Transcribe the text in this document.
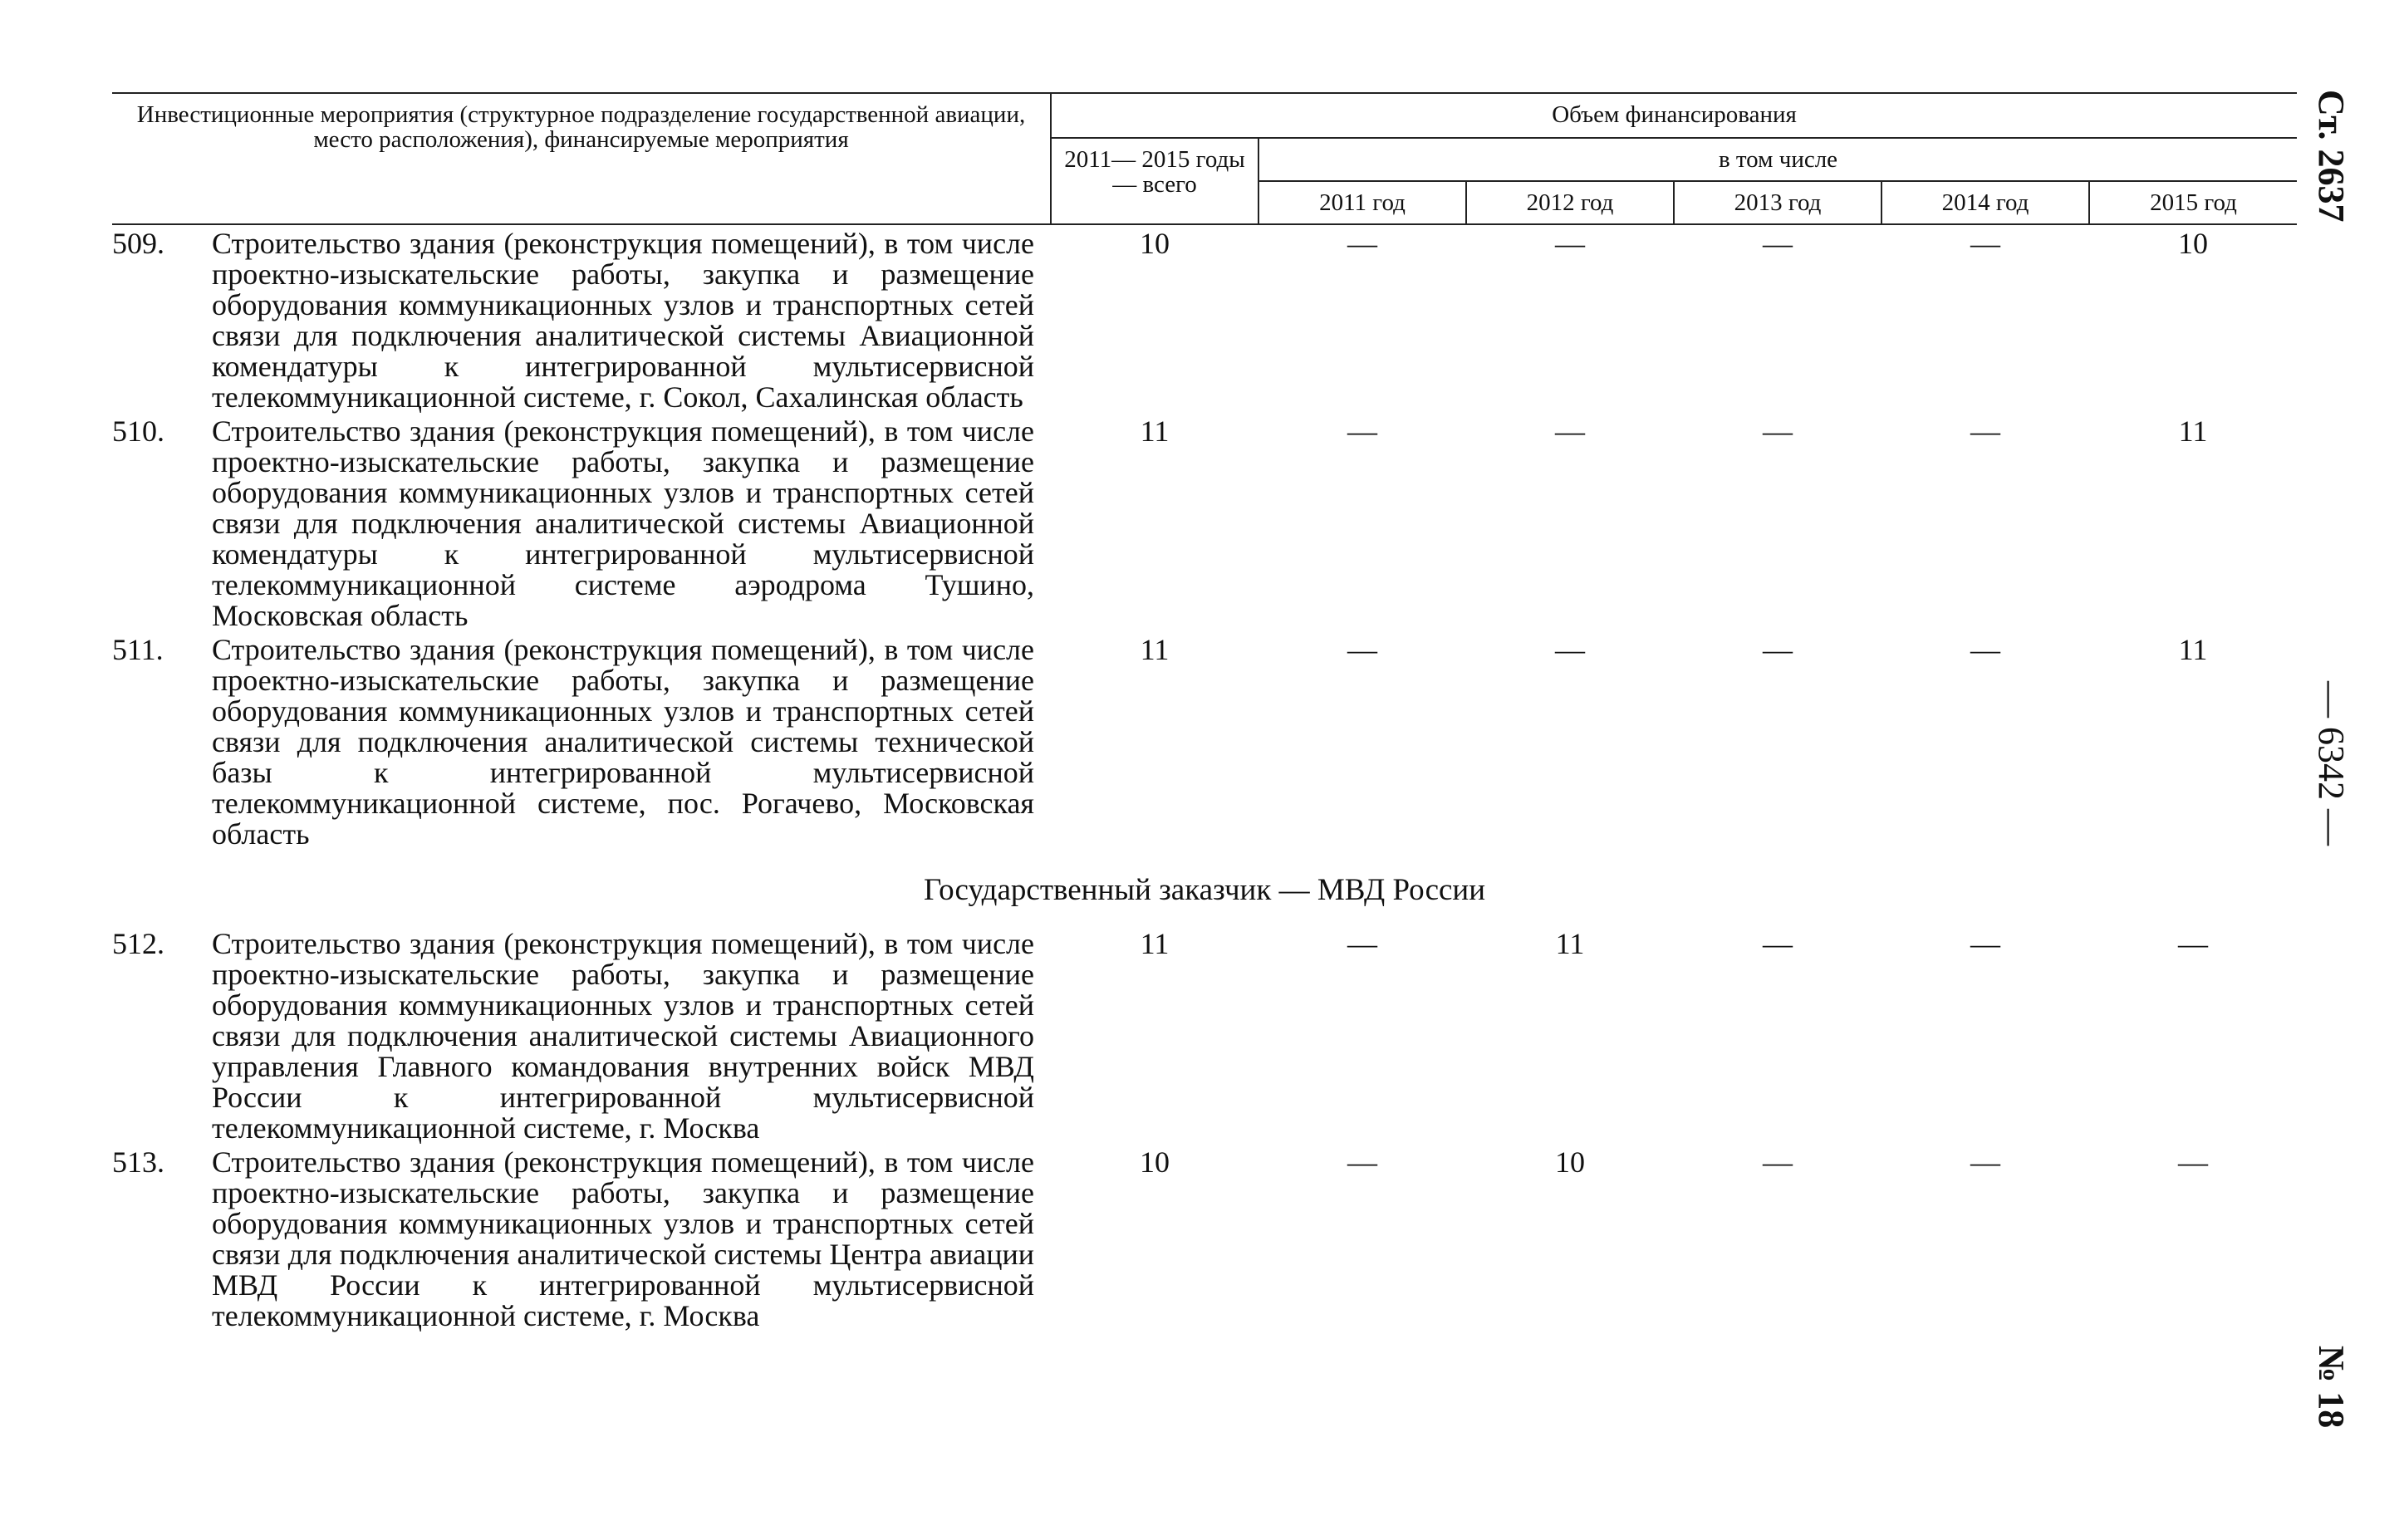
Инвестиционные мероприятия (структурное подразделение государственной авиации, место расположения), финансируемые мероприятия	Объем финансирования					
	2011— 2015 годы — всего	в том числе				
		2011 год	2012 год	2013 год	2014 год	2015 год

509. Строительство здания (реконструкция помещений), в том числе проектно-изыскательские работы, закупка и размещение оборудования коммуникационных узлов и транспортных сетей связи для подключения аналитической системы Авиационной комендатуры к интегрированной мультисервисной телекоммуникационной системе, г. Сокол, Сахалинская область	10	—	—	—	—	10

510. Строительство здания (реконструкция помещений), в том числе проектно-изыскательские работы, закупка и размещение оборудования коммуникационных узлов и транспортных сетей связи для подключения аналитической системы Авиационной комендатуры к интегрированной мультисервисной телекоммуникационной системе аэродрома Тушино, Московская область	11	—	—	—	—	11

511. Строительство здания (реконструкция помещений), в том числе проектно-изыскательские работы, закупка и размещение оборудования коммуникационных узлов и транспортных сетей связи для подключения аналитической системы технической базы к интегрированной мультисервисной телекоммуникационной системе, пос. Рогачево, Московская область	11	—	—	—	—	11
Государственный заказчик — МВД России						

512. Строительство здания (реконструкция помещений), в том числе проектно-изыскательские работы, закупка и размещение оборудования коммуникационных узлов и транспортных сетей связи для подключения аналитической системы Авиационного управления Главного командования внутренних войск МВД России к интегрированной мультисервисной телекоммуникационной системе, г. Москва	11	—	11	—	—	—

513. Строительство здания (реконструкция помещений), в том числе проектно-изыскательские работы, закупка и размещение оборудования коммуникационных узлов и транспортных сетей связи для подключения аналитической системы Центра авиации МВД России к интегрированной мультисервисной телекоммуникационной системе, г. Москва	10	—	10	—	—	—
Ст. 2637
— 6342 —
№ 18
